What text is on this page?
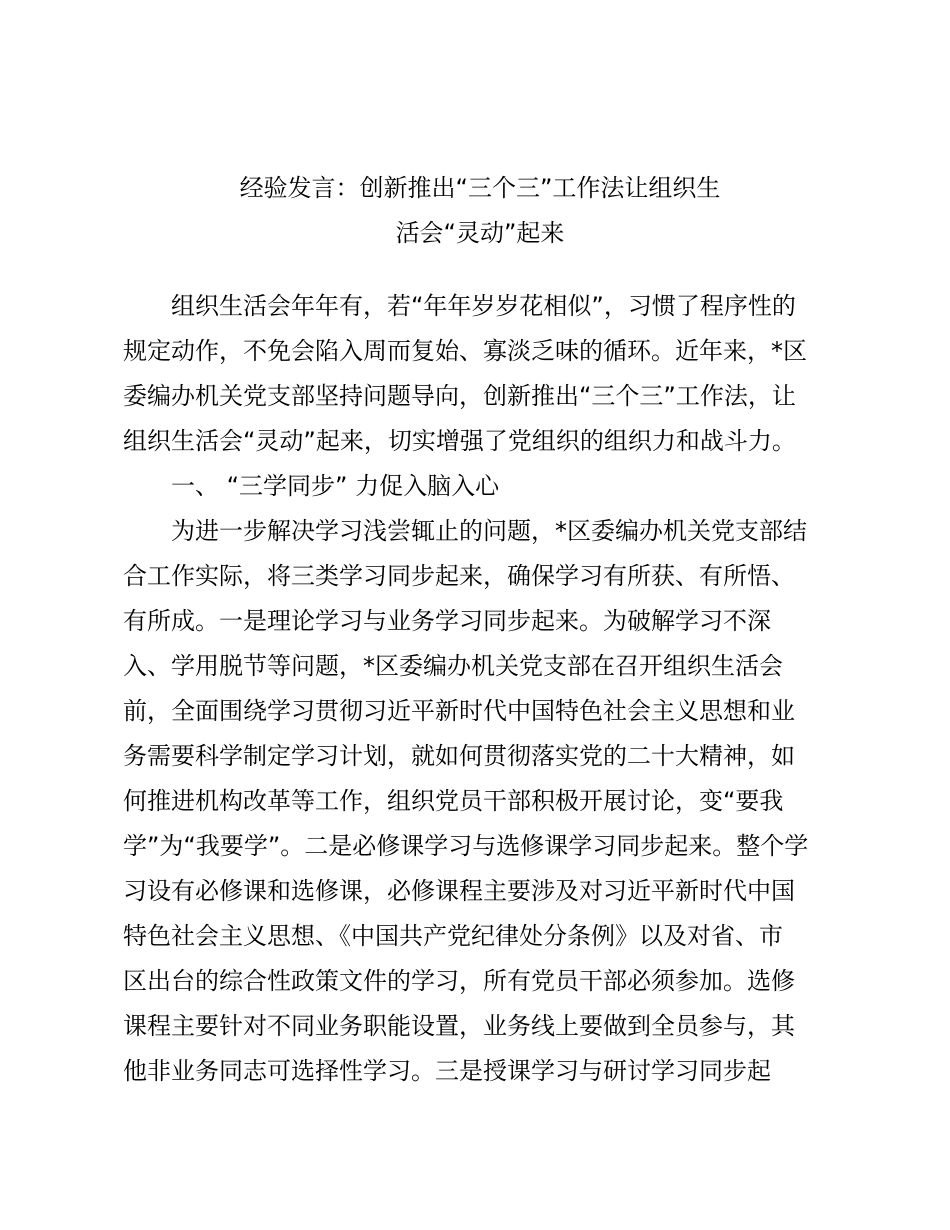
经验发言：创新推出“三个三”工作法让组织生
活会“灵动”起来
组织生活会年年有，若“年年岁岁花相似”，习惯了程序性的
规定动作，不免会陷入周而复始、寡淡乏味的循环。近年来，*区
委编办机关党支部坚持问题导向，创新推出“三个三”工作法，让
组织生活会“灵动”起来，切实增强了党组织的组织力和战斗力。
一、 “三学同步” 力促入脑入心
为进一步解决学习浅尝辄止的问题，*区委编办机关党支部结
合工作实际，将三类学习同步起来，确保学习有所获、有所悟、
有所成。一是理论学习与业务学习同步起来。为破解学习不深
入、学用脱节等问题，*区委编办机关党支部在召开组织生活会
前，全面围绕学习贯彻习近平新时代中国特色社会主义思想和业
务需要科学制定学习计划，就如何贯彻落实党的二十大精神，如
何推进机构改革等工作，组织党员干部积极开展讨论，变“要我
学”为“我要学”。二是必修课学习与选修课学习同步起来。整个学
习设有必修课和选修课，必修课程主要涉及对习近平新时代中国
特色社会主义思想、《中国共产党纪律处分条例》以及对省、市
区出台的综合性政策文件的学习，所有党员干部必须参加。选修
课程主要针对不同业务职能设置，业务线上要做到全员参与，其
他非业务同志可选择性学习。三是授课学习与研讨学习同步起
